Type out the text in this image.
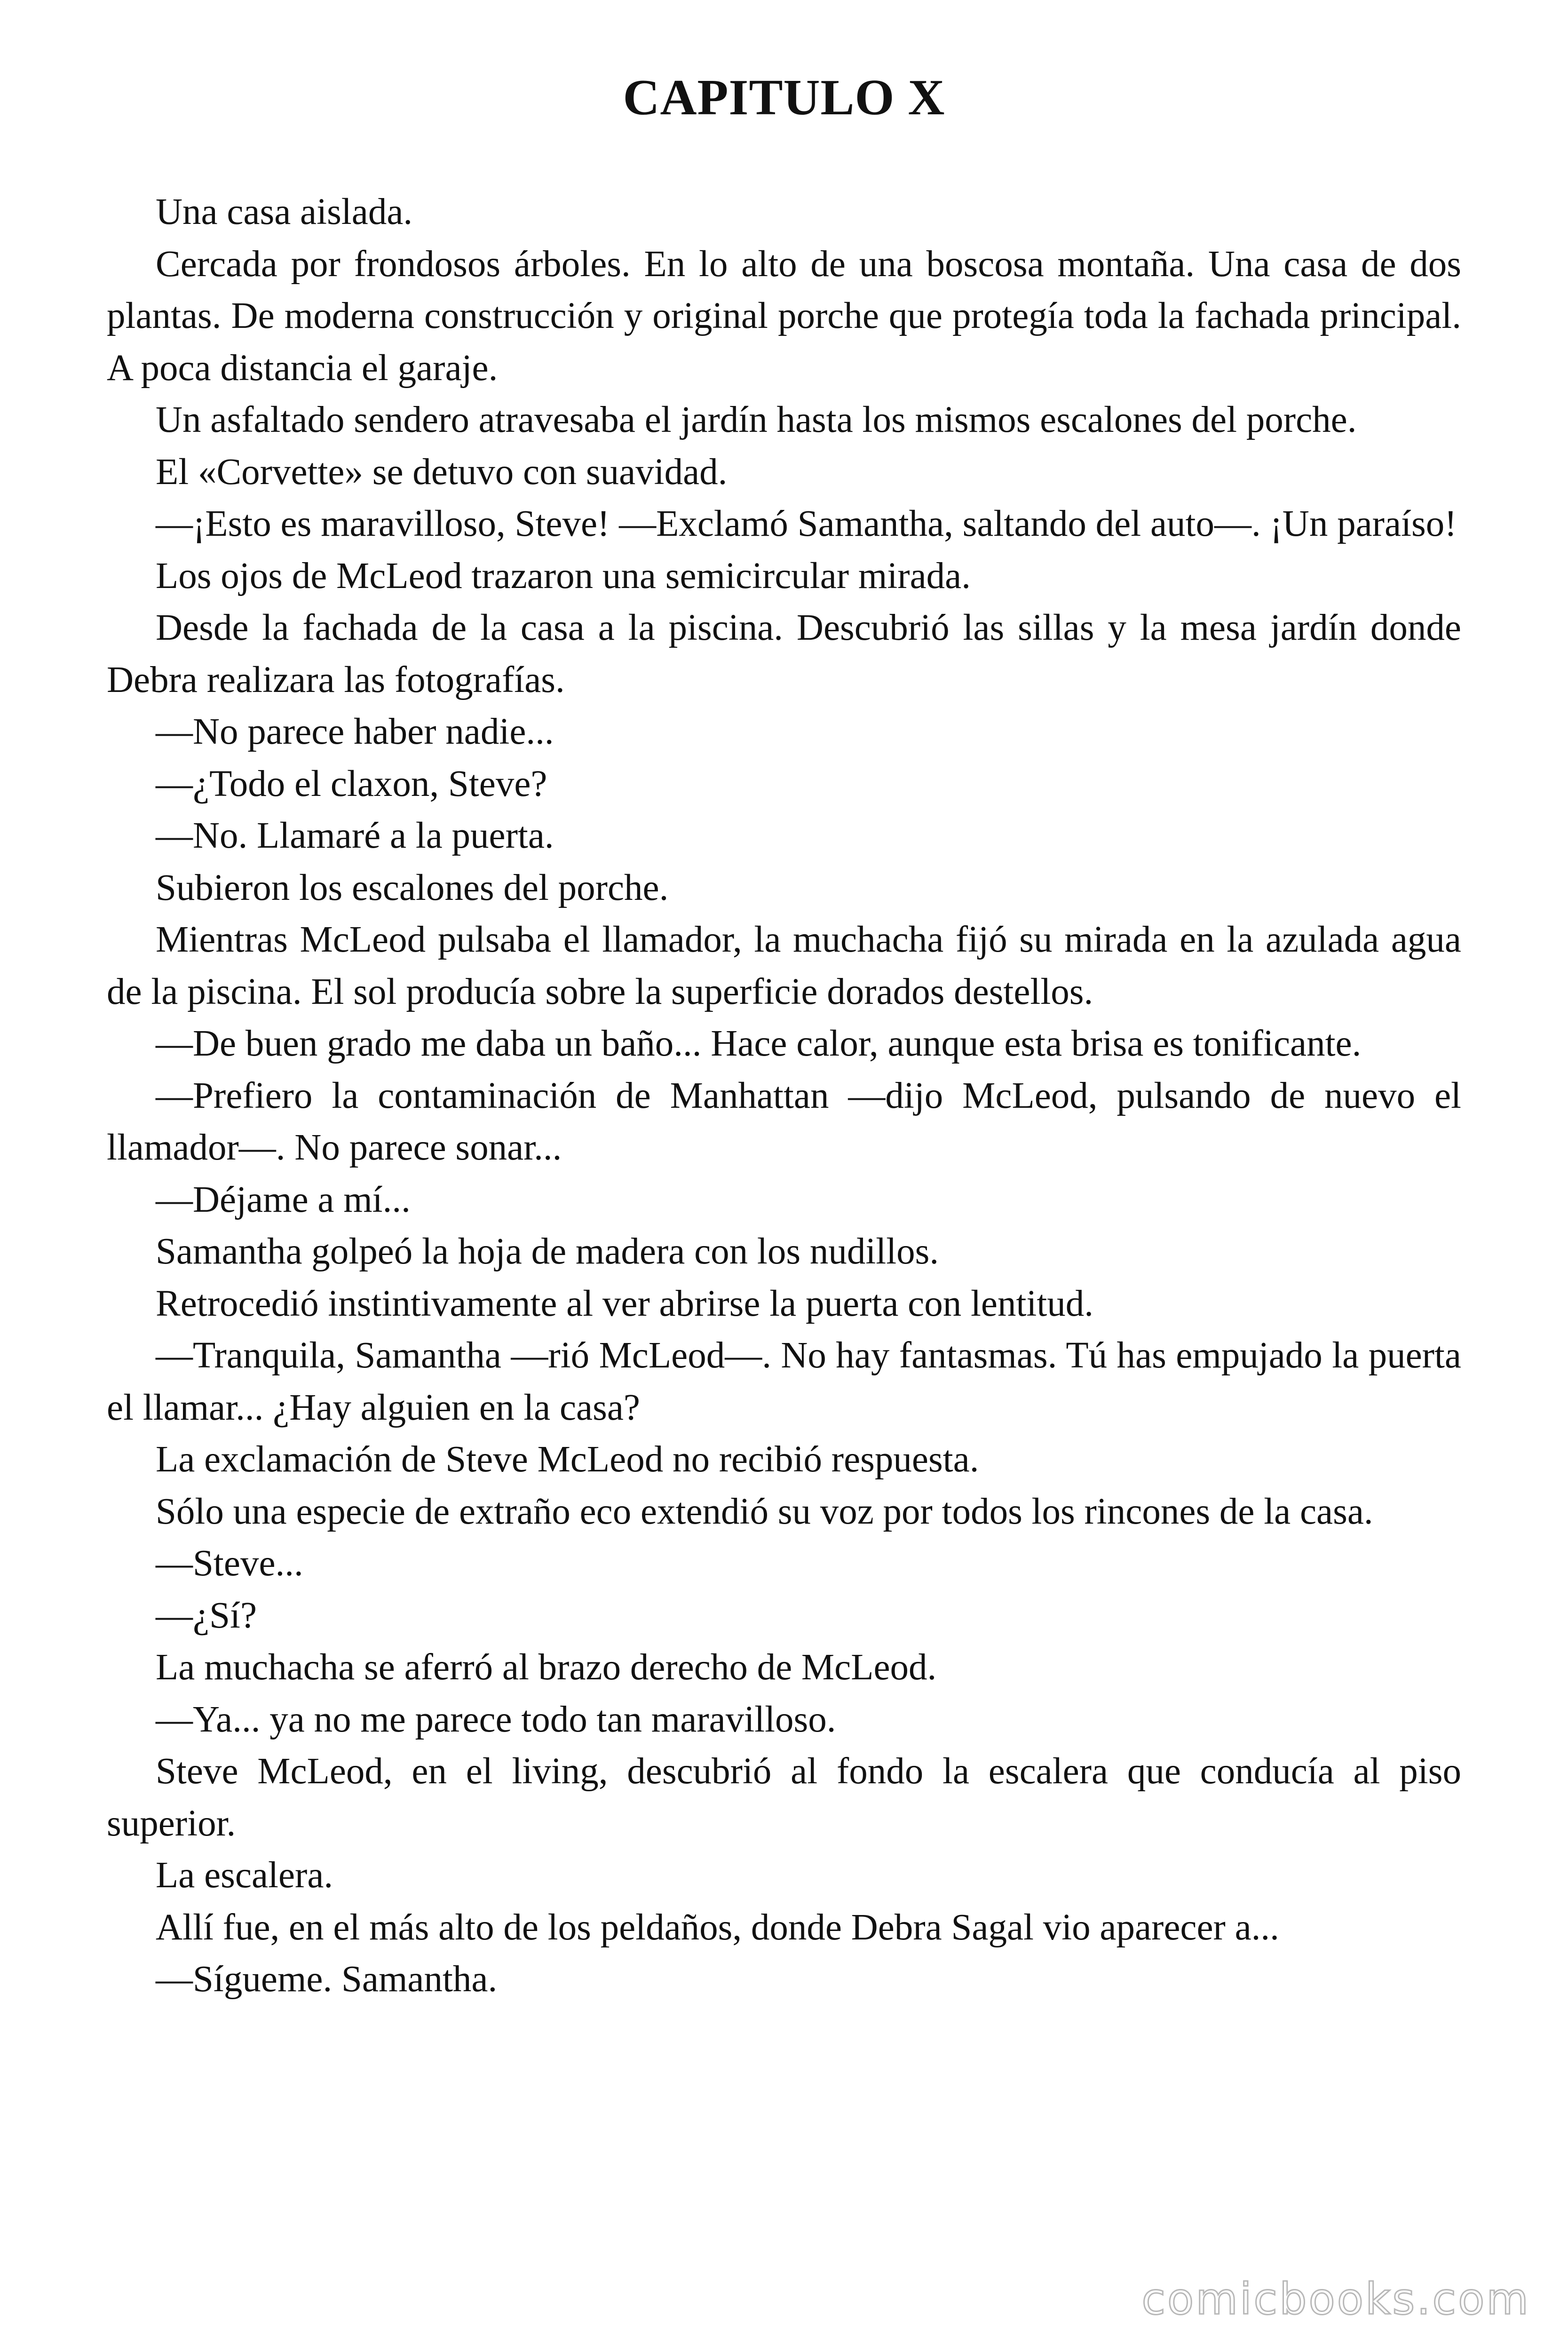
CAPITULO X

Una casa aislada.

Cercada por frondosos árboles. En lo alto de una boscosa montaña. Una casa de dos plantas. De moderna construcción y original porche que protegía toda la fachada principal. A poca distancia el garaje.

Un asfaltado sendero atravesaba el jardín hasta los mismos escalones del porche.

El «Corvette» se detuvo con suavidad.

—¡Esto es maravilloso, Steve! —Exclamó Samantha, saltando del auto—. ¡Un paraíso!

Los ojos de McLeod trazaron una semicircular mirada.

Desde la fachada de la casa a la piscina. Descubrió las sillas y la mesa jardín donde Debra realizara las fotografías.

—No parece haber nadie...

—¿Todo el claxon, Steve?

—No. Llamaré a la puerta.

Subieron los escalones del porche.

Mientras McLeod pulsaba el llamador, la muchacha fijó su mirada en la azulada agua de la piscina. El sol producía sobre la superficie dorados destellos.

—De buen grado me daba un baño... Hace calor, aunque esta brisa es tonificante.

—Prefiero la contaminación de Manhattan —dijo McLeod, pulsando de nuevo el llamador—. No parece sonar...

—Déjame a mí...

Samantha golpeó la hoja de madera con los nudillos.

Retrocedió instintivamente al ver abrirse la puerta con lentitud.

—Tranquila, Samantha —rió McLeod—. No hay fantasmas. Tú has empujado la puerta el llamar... ¿Hay alguien en la casa?

La exclamación de Steve McLeod no recibió respuesta.

Sólo una especie de extraño eco extendió su voz por todos los rincones de la casa.

—Steve...

—¿Sí?

La muchacha se aferró al brazo derecho de McLeod.

—Ya... ya no me parece todo tan maravilloso.

Steve McLeod, en el living, descubrió al fondo la escalera que conducía al piso superior.

La escalera.

Allí fue, en el más alto de los peldaños, donde Debra Sagal vio aparecer a...

—Sígueme. Samantha.

comicbooks.com
